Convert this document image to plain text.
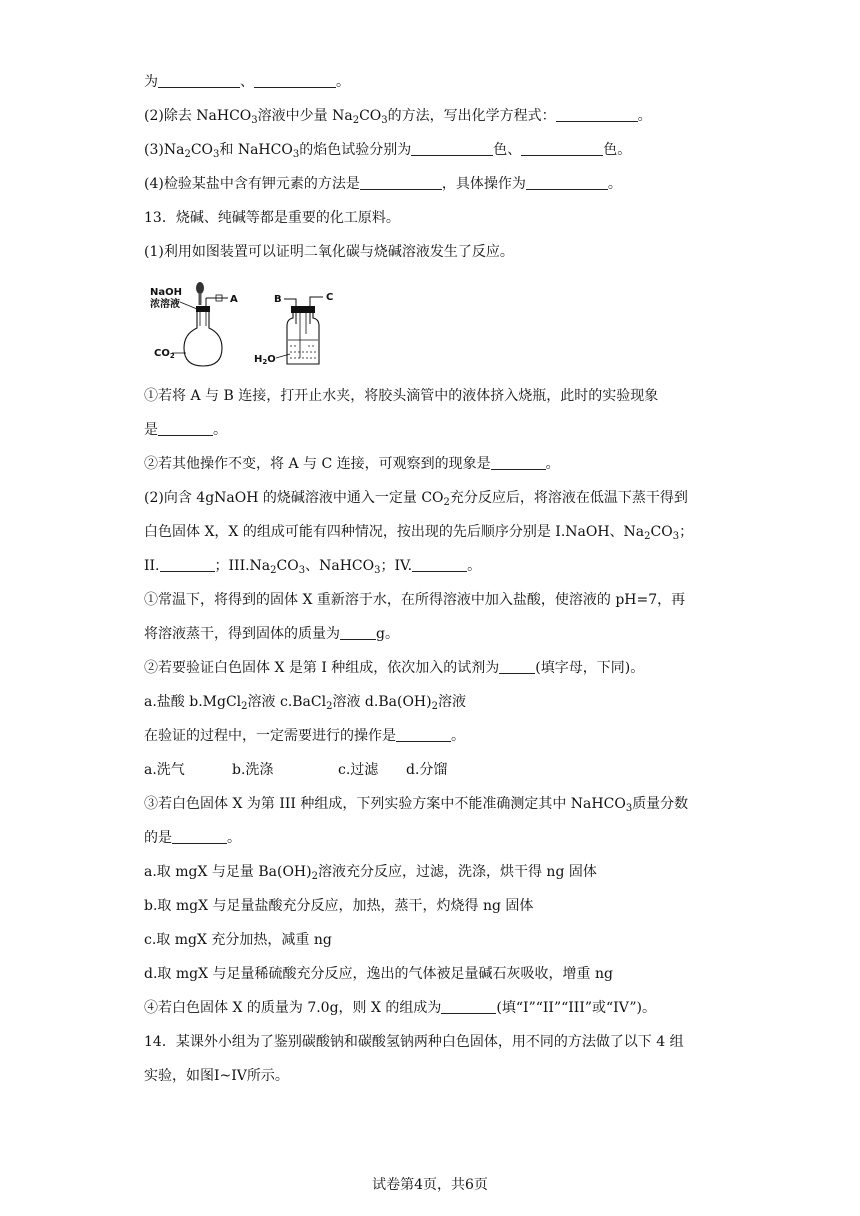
为	、	。
(2)除去 NaHCO$_3$溶液中少量 $Na_2CO_3$的方法，写出化学方程式：	。
$(3)Na_2CO_3$和 NaHCO$_3$的焰色试验分别为	色、	色。
(4)检验某盐中含有钾元素的方法是	，具体操作为	。
13．烧碱、纯碱等都是重要的化工原料。
(1)利用如图装置可以证明二氧化碳与烧碱溶液发生了反应。
NaOH
浓溶液	A
$CO_2$
B	C
$H_2O$
①若将 A 与 B 连接，打开止水夹，将胶头滴管中的液体挤入烧瓶，此时的实验现象
是	。
②若其他操作不变，将 A 与 C 连接，可观察到的现象是	。
(2)向含 4gNaOH 的烧碱溶液中通入一定量 $CO_2$充分反应后，将溶液在低温下蒸干得到
白色固体 X，X 的组成可能有四种情况，按出现的先后顺序分别是 I.NaOH、$Na_2CO_3$；
II.	；$III.Na_2CO_3$、NaHCO$_3$；IV.	。
①常温下，将得到的固体 X 重新溶于水，在所得溶液中加入盐酸，使溶液的 pH=7，再
将溶液蒸干，得到固体的质量为	g。
②若要验证白色固体 X 是第 I 种组成，依次加入的试剂为	(填字母，下同)。
a.盐酸 b.MgCl$_2$溶液 c.BaCl$_2$溶液 $d.Ba(OH)_2$溶液
在验证的过程中，一定需要进行的操作是	。
a.洗气	b.洗涤	c.过滤 d.分馏
③若白色固体 X 为第 III 种组成，下列实验方案中不能准确测定其中 NaHCO$_3$质量分数
的是	。
a.取 mgX 与足量 $Ba(OH)_2$溶液充分反应，过滤，洗涤，烘干得 ng 固体
b.取 mgX 与足量盐酸充分反应，加热，蒸干，灼烧得 ng 固体
c.取 mgX 充分加热，减重 ng
d.取 mgX 与足量稀硫酸充分反应，逸出的气体被足量碱石灰吸收，增重 ng
④若白色固体 X 的质量为 7.0g，则 X 的组成为	(填“I”“II”“III”或“IV”)。
14．某课外小组为了鉴别碳酸钠和碳酸氢钠两种白色固体，用不同的方法做了以下 4 组
实验，如图I~IV所示。
试卷第4页，共6页
